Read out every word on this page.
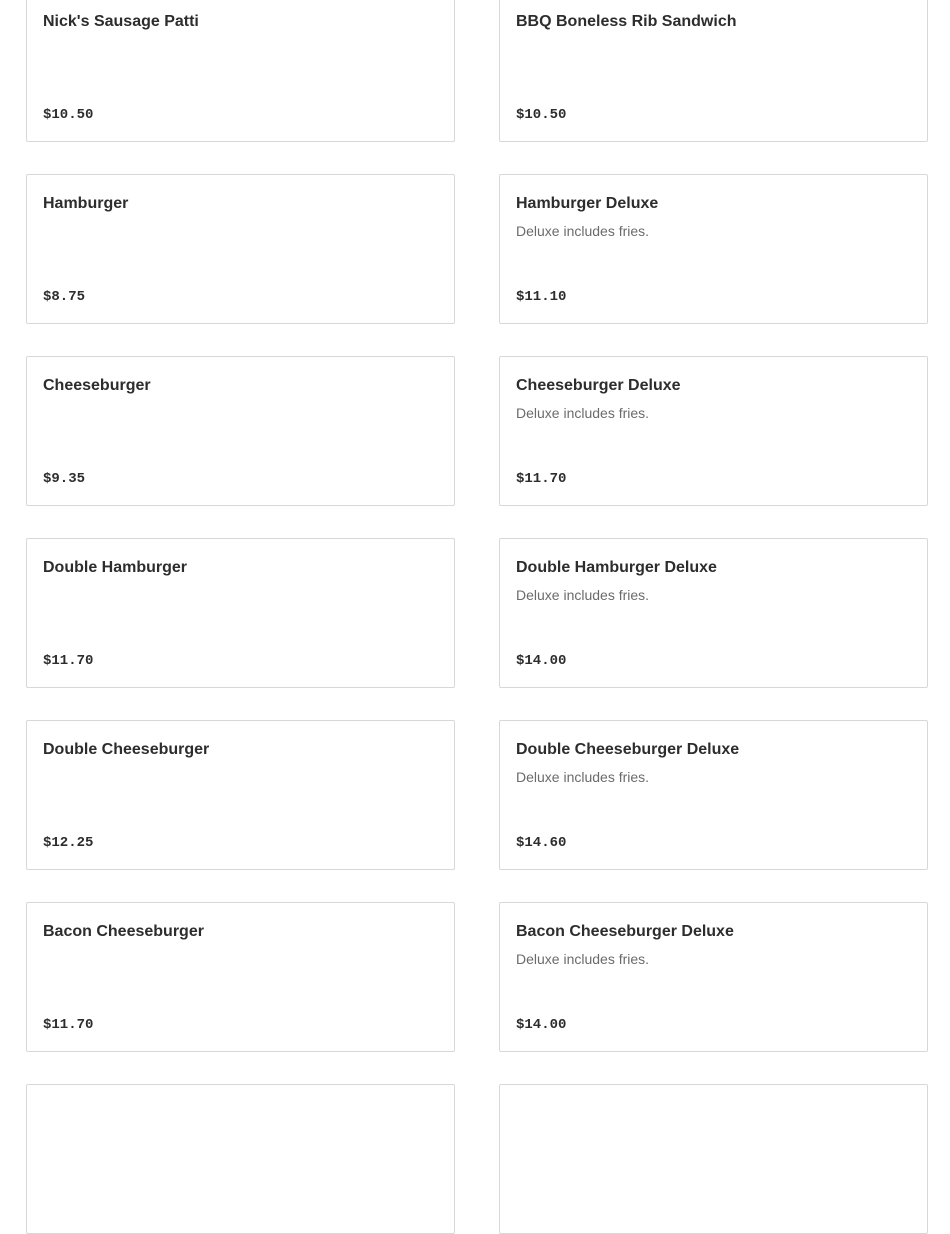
Nick's Sausage Patti
$10.50
BBQ Boneless Rib Sandwich
$10.50
Hamburger
$8.75
Hamburger Deluxe
Deluxe includes fries.
$11.10
Cheeseburger
$9.35
Cheeseburger Deluxe
Deluxe includes fries.
$11.70
Double Hamburger
$11.70
Double Hamburger Deluxe
Deluxe includes fries.
$14.00
Double Cheeseburger
$12.25
Double Cheeseburger Deluxe
Deluxe includes fries.
$14.60
Bacon Cheeseburger
$11.70
Bacon Cheeseburger Deluxe
Deluxe includes fries.
$14.00
